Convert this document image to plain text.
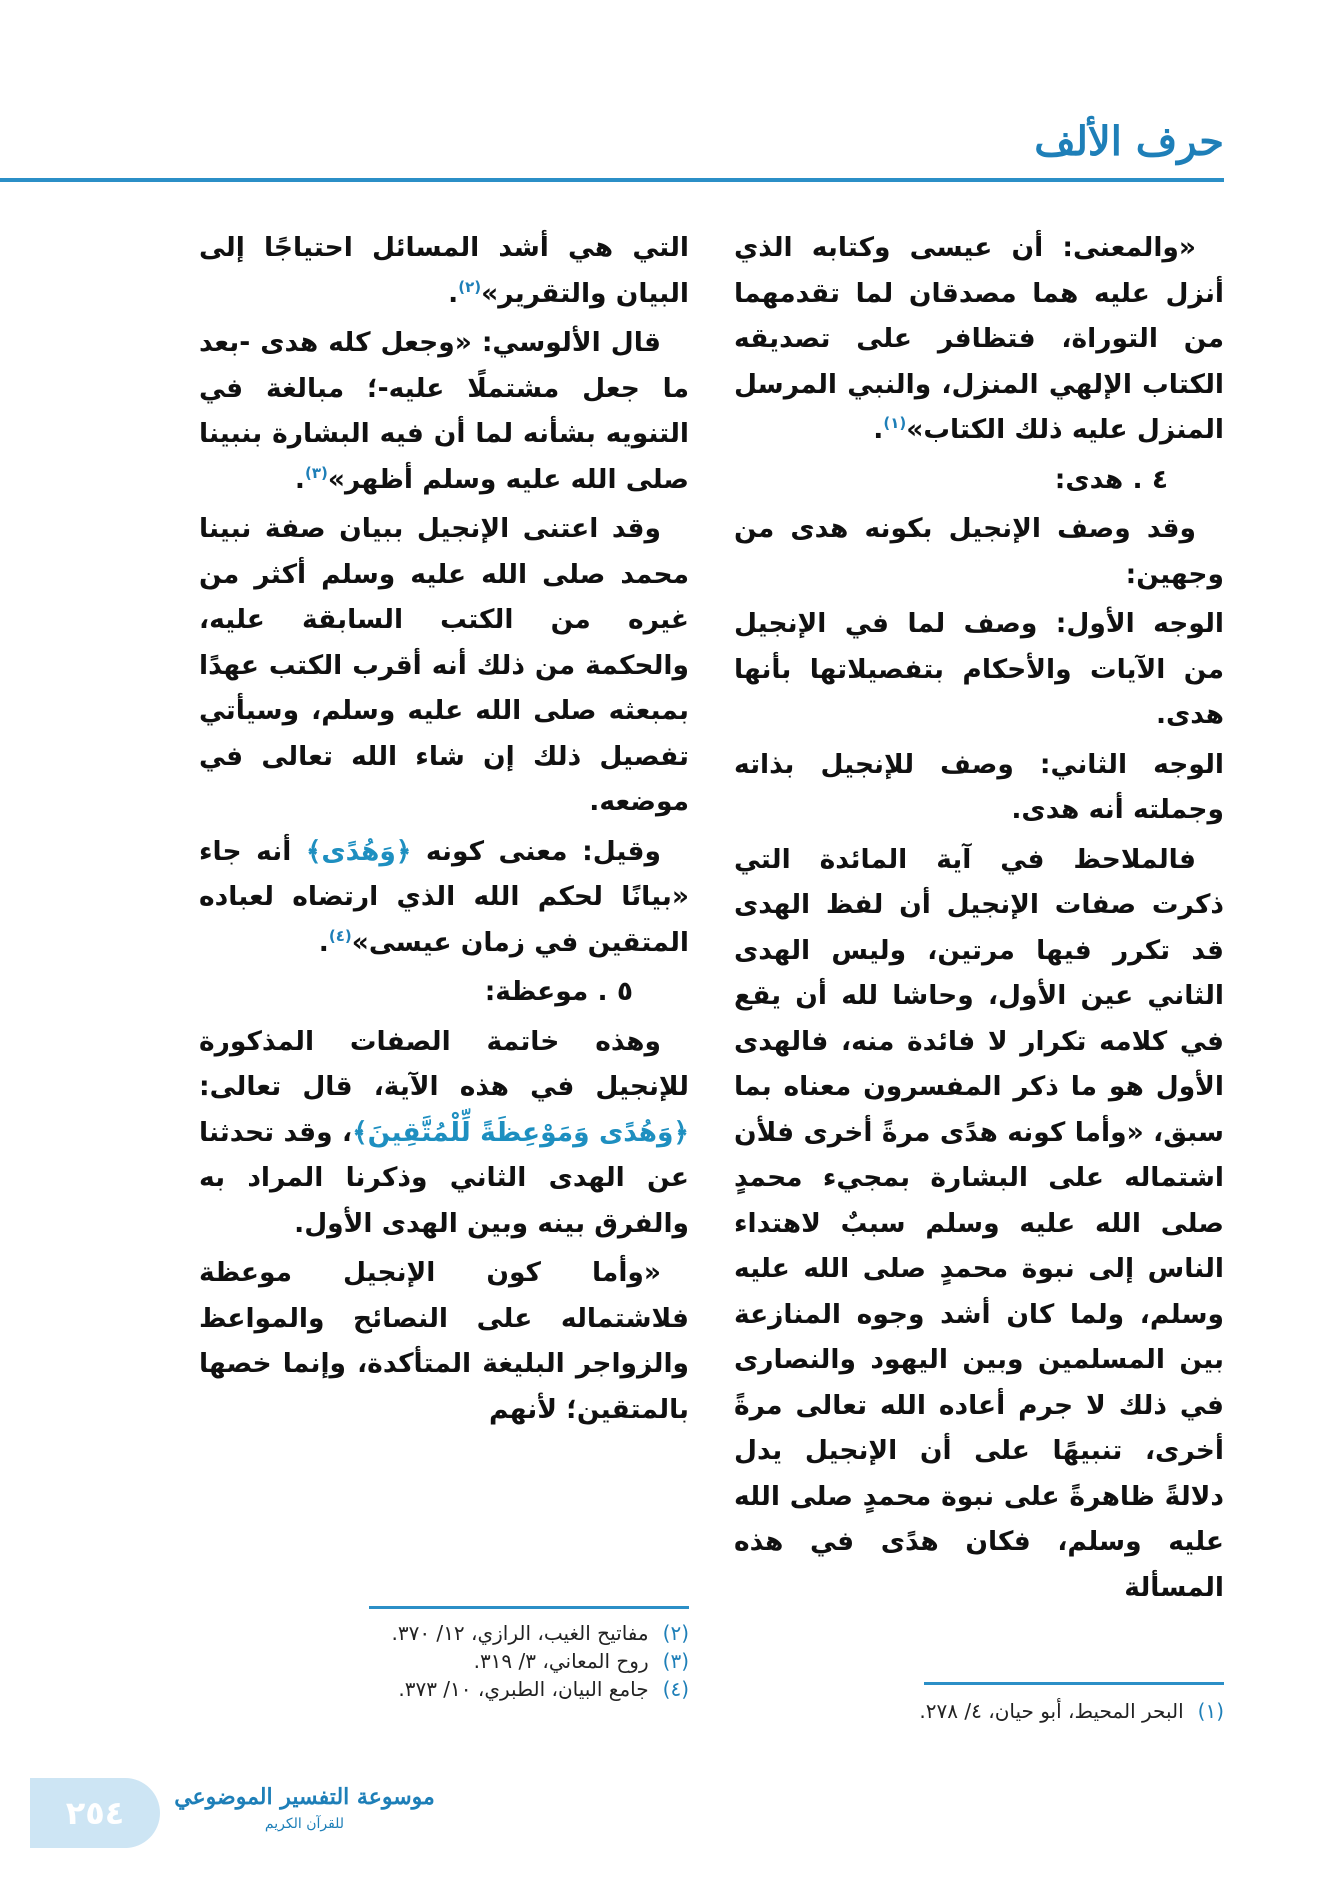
حرف الألف

«والمعنى: أن عيسى وكتابه الذي أنزل عليه هما مصدقان لما تقدمهما من التوراة، فتظافر على تصديقه الكتاب الإلهي المنزل، والنبي المرسل المنزل عليه ذلك الكتاب»$^{(١)}$.

٤ . هدى:

وقد وصف الإنجيل بكونه هدى من وجهين:

الوجه الأول: وصف لما في الإنجيل من الآيات والأحكام بتفصيلاتها بأنها هدى.

الوجه الثاني: وصف للإنجيل بذاته وجملته أنه هدى.

فالملاحظ في آية المائدة التي ذكرت صفات الإنجيل أن لفظ الهدى قد تكرر فيها مرتين، وليس الهدى الثاني عين الأول، وحاشا لله أن يقع في كلامه تكرار لا فائدة منه، فالهدى الأول هو ما ذكر المفسرون معناه بما سبق، «وأما كونه هدًى مرةً أخرى فلأن اشتماله على البشارة بمجيء محمدٍ صلى الله عليه وسلم سببٌ لاهتداء الناس إلى نبوة محمدٍ صلى الله عليه وسلم، ولما كان أشد وجوه المنازعة بين المسلمين وبين اليهود والنصارى في ذلك لا جرم أعاده الله تعالى مرةً أخرى، تنبيهًا على أن الإنجيل يدل دلالةً ظاهرةً على نبوة محمدٍ صلى الله عليه وسلم، فكان هدًى في هذه المسألة

التي هي أشد المسائل احتياجًا إلى البيان والتقرير»$^{(٢)}$.

قال الألوسي: «وجعل كله هدى -بعد ما جعل مشتملًا عليه-؛ مبالغة في التنويه بشأنه لما أن فيه البشارة بنبينا صلى الله عليه وسلم أظهر»$^{(٣)}$.

وقد اعتنى الإنجيل ببيان صفة نبينا محمد صلى الله عليه وسلم أكثر من غيره من الكتب السابقة عليه، والحكمة من ذلك أنه أقرب الكتب عهدًا بمبعثه صلى الله عليه وسلم، وسيأتي تفصيل ذلك إن شاء الله تعالى في موضعه.

وقيل: معنى كونه ﴿وَهُدًى﴾ أنه جاء «بيانًا لحكم الله الذي ارتضاه لعباده المتقين في زمان عيسى»$^{(٤)}$.

٥ . موعظة:

وهذه خاتمة الصفات المذكورة للإنجيل في هذه الآية، قال تعالى: ﴿وَهُدًى وَمَوْعِظَةً لِّلْمُتَّقِينَ﴾، وقد تحدثنا عن الهدى الثاني وذكرنا المراد به والفرق بينه وبين الهدى الأول.

«وأما كون الإنجيل موعظة فلاشتماله على النصائح والمواعظ والزواجر البليغة المتأكدة، وإنما خصها بالمتقين؛ لأنهم

(١)البحر المحيط، أبو حيان، ٤/ ٢٧٨.
(٢)مفاتيح الغيب، الرازي، ١٢/ ٣٧٠.
(٣)روح المعاني، ٣/ ٣١٩.
(٤)جامع البيان، الطبري، ١٠/ ٣٧٣.
٢٥٤	موسوعة التفسير الموضوعي
للقرآن الكريم
